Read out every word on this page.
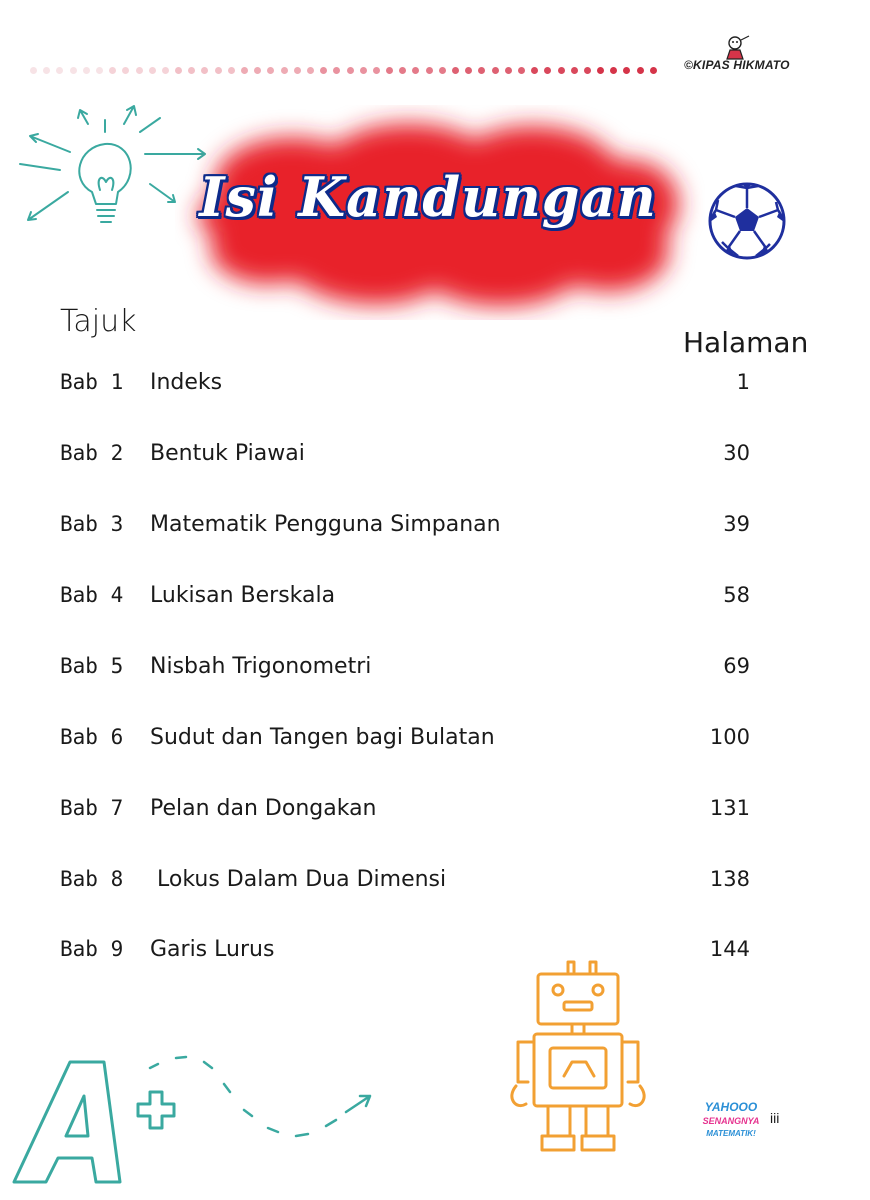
©KIPAS HIKMATO
Isi Kandungan
Tajuk
Halaman
Bab 1	Indeks	1
Bab 2	Bentuk Piawai	30
Bab 3	Matematik Pengguna Simpanan	39
Bab 4	Lukisan Berskala	58
Bab 5	Nisbah Trigonometri	69
Bab 6	Sudut dan Tangen bagi Bulatan	100
Bab 7	Pelan dan Dongakan	131
Bab 8	Lokus Dalam Dua Dimensi	138
Bab 9	Garis Lurus	144
YAHOOO
SENANGNYA
MATEMATIK!
iii
